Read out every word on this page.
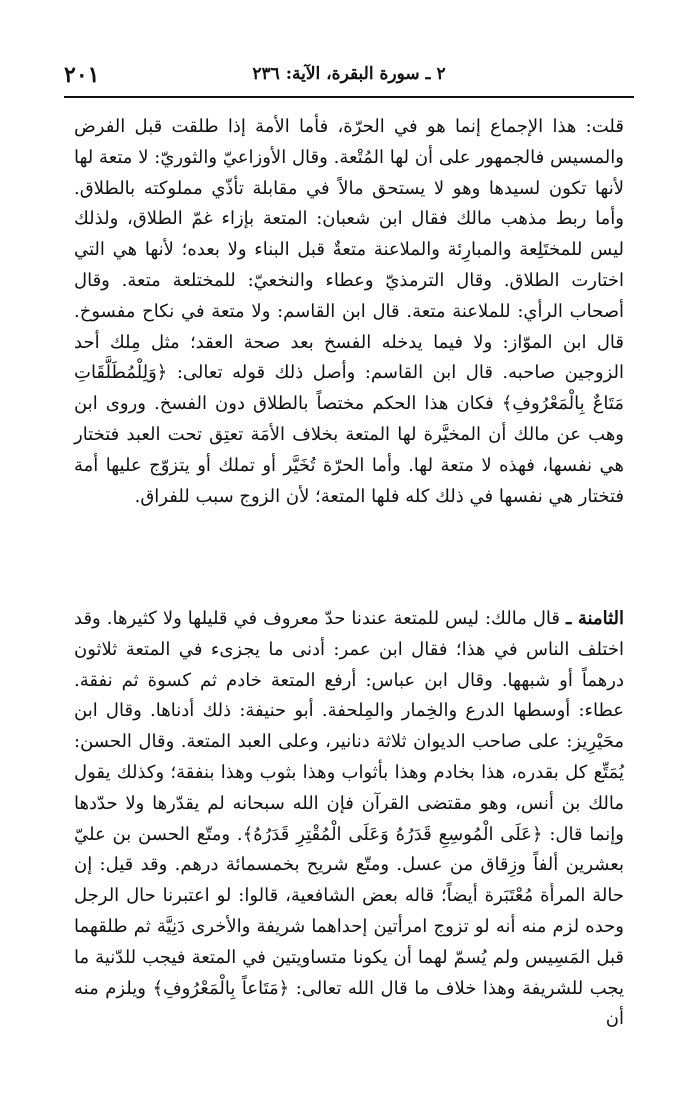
٢ ـ سورة البقرة، الآية: ٢٣٦
٢٠١

قلت: هذا الإجماع إنما هو في الحرّة، فأما الأمة إذا طلقت قبل الفرض والمسيس فالجمهور على أن لها المُتْعة. وقال الأوزاعيّ والثوريّ: لا متعة لها لأنها تكون لسيدها وهو لا يستحق مالاً في مقابلة تأذّي مملوكته بالطلاق. وأما ربط مذهب مالك فقال ابن شعبان: المتعة بإزاء غمّ الطلاق، ولذلك ليس للمختَلِعة والمبارِئة والملاعنة متعةٌ قبل البناء ولا بعده؛ لأنها هي التي اختارت الطلاق. وقال الترمذيّ وعطاء والنخعيّ: للمختلعة متعة. وقال أصحاب الرأي: للملاعنة متعة. قال ابن القاسم: ولا متعة في نكاح مفسوخ. قال ابن الموّاز: ولا فيما يدخله الفسخ بعد صحة العقد؛ مثل مِلك أحد الزوجين صاحبه. قال ابن القاسم: وأصل ذلك قوله تعالى: ﴿وَلِلْمُطَلَّقَاتِ مَتَاعٌ بِالْمَعْرُوفِ﴾ فكان هذا الحكم مختصاً بالطلاق دون الفسخ. وروى ابن وهب عن مالك أن المخيَّرة لها المتعة بخلاف الأمَة تعتِق تحت العبد فتختار هي نفسها، فهذه لا متعة لها. وأما الحرّة تُخَيَّر أو تملك أو يتزوّج عليها أمة فتختار هي نفسها في ذلك كله فلها المتعة؛ لأن الزوج سبب للفراق.

الثامنة ـ قال مالك: ليس للمتعة عندنا حدّ معروف في قليلها ولا كثيرها. وقد اختلف الناس في هذا؛ فقال ابن عمر: أدنى ما يجزىء في المتعة ثلاثون درهماً أو شبهها. وقال ابن عباس: أرفع المتعة خادم ثم كسوة ثم نفقة. عطاء: أوسطها الدرع والخِمار والمِلحفة. أبو حنيفة: ذلك أدناها. وقال ابن محَيْرِيز: على صاحب الديوان ثلاثة دنانير، وعلى العبد المتعة. وقال الحسن: يُمَتِّع كل بقدره، هذا بخادم وهذا بأثواب وهذا بثوب وهذا بنفقة؛ وكذلك يقول مالك بن أنس، وهو مقتضى القرآن فإن الله سبحانه لم يقدّرها ولا حدّدها وإنما قال: ﴿عَلَى الْمُوسِعِ قَدَرُهُ وَعَلَى الْمُقْتِرِ قَدَرُهُ﴾. ومتّع الحسن بن عليّ بعشرين ألفاً وزِقاق من عسل. ومتّع شريح بخمسمائة درهم. وقد قيل: إن حالة المرأة مُعْتَبَرة أيضاً؛ قاله بعض الشافعية، قالوا: لو اعتبرنا حال الرجل وحده لزم منه أنه لو تزوج امرأتين إحداهما شريفة والأخرى دَنِيَّة ثم طلقهما قبل المَسِيس ولم يُسمّ لهما أن يكونا متساويتين في المتعة فيجب للدّنية ما يجب للشريفة وهذا خلاف ما قال الله تعالى: ﴿مَتَاعاً بِالْمَعْرُوفِ﴾ ويلزم منه أن
